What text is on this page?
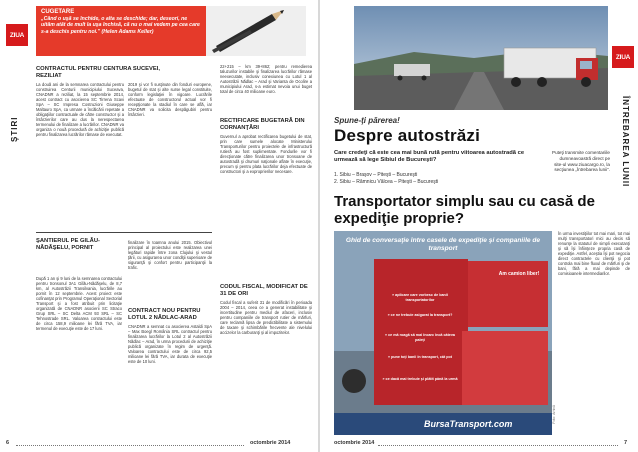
ZIUA
ŞTIRI
CUGETARE
„Când o uşă se închide, o alta se deschide; dar, deseori, ne uităm atât de mult la uşa închisă, că nu o mai vedem pe cea care s-a deschis pentru noi.” (Helen Adams Keller)
CONTRACTUL PENTRU CENTURA SUCEVEI, REZILIAT
La două ani de la semnarea contractului pentru construirea Centurii municipiului Suceava, CNADNR a reziliat, la 15 septembrie 2014, acest contract cu asocierea SC Tirrena Scavi SpA – SC Impresa Costruzioni Giuseppe Maltauro SpA, ca urmare a încălcării repetate a obligaţiilor contractuale de către constructor şi a întârzierilor care au dus la nerespectarea termenului de finalizare a lucrărilor. CNADNR va organiza o nouă procedură de achiziţie publică pentru finalizarea lucrărilor rămase de executat.
2019 şi vor fi susţinute din fonduri europene, bugetul de stat şi alte surse legal constituite, conform legislaţiei în vigoare. Lucrările efectuate de constructorul actual vor fi recepţionate la stadiul în care se află, iar CNADNR va solicita despăgubiri pentru întârzieri.
22+215 – km 39+862; pentru remedierea taluzurilor instabile şi finalizarea lucrărilor rămase neexecutate, inclusiv conexiunea cu Lotul 1 al Autostrăzii Nădlac – Arad şi Varianta de Ocolire a municipiului Arad, s-a estimat nevoia unui buget total de circa 40 milioane euro.
RECTIFICARE BUGETARĂ DIN CORNANŢĂRI
Guvernul a aprobat rectificarea bugetului de stat, prin care sumele alocate Ministerului Transporturilor pentru proiectele de infrastructură rutieră au fost suplimentate. Fondurile vor fi direcţionate către finalizarea unor tronsoane de autostradă şi drumuri naţionale aflate în execuţie, precum şi pentru plata lucrărilor deja efectuate de constructori şi a exproprierilor necesare.
ŞANTIERUL PE GILĂU-NĂDĂŞELU, PORNIT
După 1 an şi 9 luni de la semnarea contractului pentru tronsonul 3A1 Gilău-Nădăşelu, de 8,7 km, al Autostrăzii Transilvania, lucrările au pornit în 12 septembrie. Acest proiect este cofinanţat prin Programul Operaţional Sectorial Transport şi a fost atribuit prin licitaţie organizată de CNADNR asocierii SC Straco Grup SRL – SC Delta ACM 93 SRL – SC Tehnostrade SRL. Valoarea contractului este de circa 158,9 milioane lei fără TVA, iar termenul de execuţie este de 17 luni.
finalizare în toamna anului 2015. Obiectivul principal al proiectului este realizarea unei legături rapide între zona Clujului şi vestul ţării, cu asigurarea unor condiţii superioare de siguranţă şi confort pentru participanţii la trafic.
CONTRACT NOU PENTRU LOTUL 2 NĂDLAC-ARAD
CNADNR a semnat cu asocierea Astaldi SpA – Max Boegl România SRL contractul pentru finalizarea lucrărilor la Lotul 2 al Autostrăzii Nădlac – Arad, în urma procedurii de achiziţie publică organizate în regim de urgenţă. Valoarea contractului este de circa 92,5 milioane lei fără TVA, iar durata de execuţie este de 10 luni.
CODUL FISCAL, MODIFICAT DE 31 DE ORI
Codul fiscal a suferit 31 de modificări în perioada 2004 – 2014, ceea ce a generat instabilitate şi incertitudine pentru mediul de afaceri, inclusiv pentru companiile de transport rutier de mărfuri, care reclamă lipsa de predictibilitate a sistemului de taxare şi schimbările frecvente ale nivelului accizelor la carburanţi şi al impozitelor.
6	octombrie 2014
ZIUA
ÎNTREBAREA LUNII
Spune-ţi părerea!
Despre autostrăzi
Care credeţi că este cea mai bună rută pentru viitoarea autostradă ce urmează să lege Sibiul de Bucureşti?
1. Sibiu – Braşov – Piteşti – Bucureşti
2. Sibiu – Râmnicu Vâlcea – Piteşti – Bucureşti
Puteţi transmite comentariile dumneavoastră direct pe site-ul www.ziuacargo.ro, la secţiunea „Întrebarea lunii”.
Transportator simplu sau cu casă de expediţie proprie?
Ghid de conversaţie între casele de expediţie şi companiile de transport
» aplicare care vorbesc de banii transportatorilor
» ce ne trebuie asigurat la transport?
» ce mă roagă să mai încarc încă câteva paleţi
» pune toţi banii în transport, cât pot
» ce dacă mai trebuie şi plătit până la urmă
Am camion liber!
BursaTransport.com
Foto: Arhivă
În urma investiţiilor tot mai mari, tot mai mulţi transportatori mici au decis să renunţe la statutul de simpli executanţi şi să îşi înfiinţeze propria casă de expediţie. Astfel, aceştia îşi pot negocia direct contractele cu clienţii şi pot controla mai bine fluxul de mărfuri şi de bani, fără a mai depinde de comisioanele intermediarilor.
octombrie 2014	7
